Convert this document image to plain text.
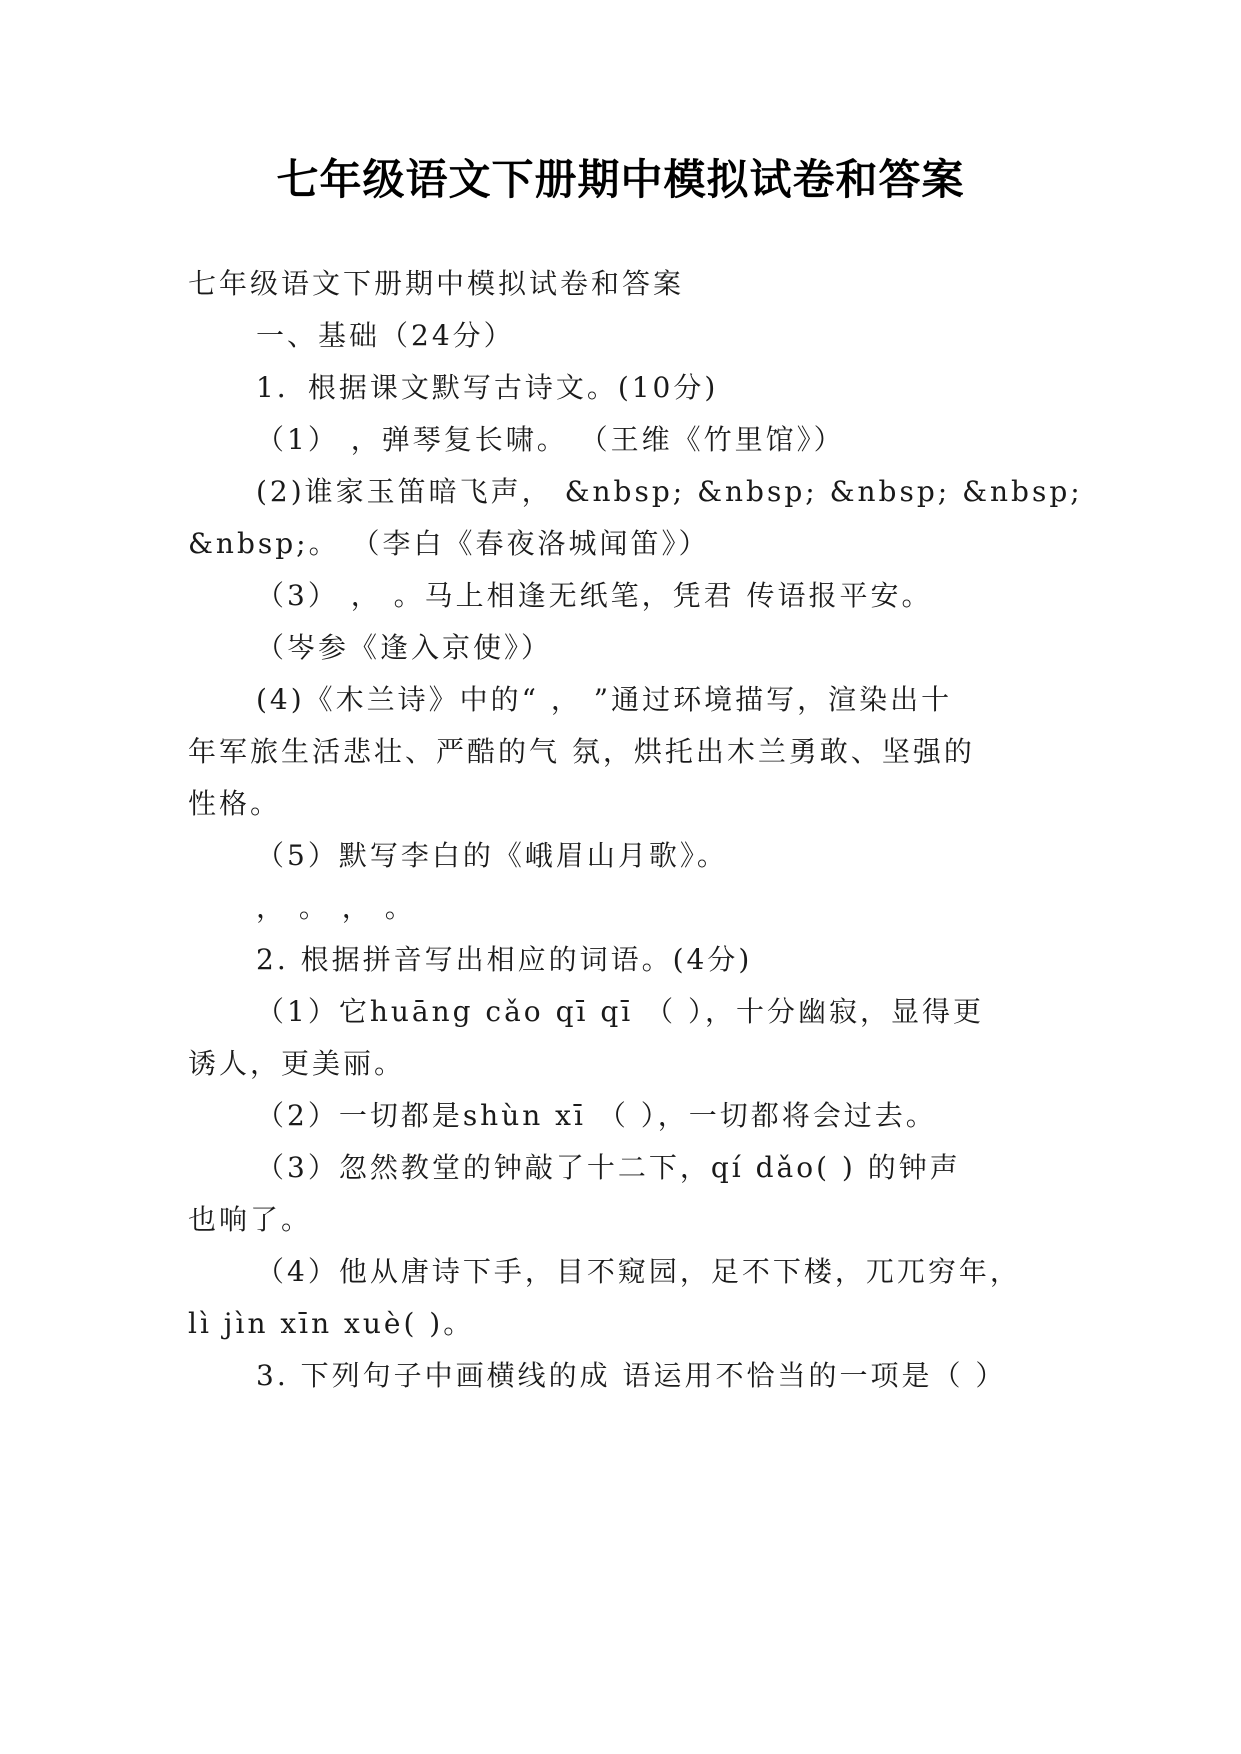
七年级语文下册期中模拟试卷和答案
七年级语文下册期中模拟试卷和答案
一、基础（24分）
1．根据课文默写古诗文。(10分)
（1） ，弹琴复长啸。 （王维《竹里馆》）
(2)谁家玉笛暗飞声， &nbsp; &nbsp; &nbsp; &nbsp;
&nbsp;。 （李白《春夜洛城闻笛》）
（3） ， 。马上相逢无纸笔，凭君 传语报平安。
（岑参《逢入京使》）
(4)《木兰诗》中的“ ， ”通过环境描写，渲染出十
年军旅生活悲壮、严酷的气 氛，烘托出木兰勇敢、坚强的
性格。
（5）默写李白的《峨眉山月歌》。
， 。 ， 。
2. 根据拼音写出相应的词语。(4分)
（1）它huāng cǎo qī qī （ ），十分幽寂，显得更
诱人，更美丽。
（2）一切都是shùn xī （ ），一切都将会过去。
（3）忽然教堂的钟敲了十二下，qí dǎo( ) 的钟声
也响了。
（4）他从唐诗下手，目不窥园，足不下楼，兀兀穷年，
lì jìn xīn xuè( )。
3. 下列句子中画横线的成 语运用不恰当的一项是（ ）
